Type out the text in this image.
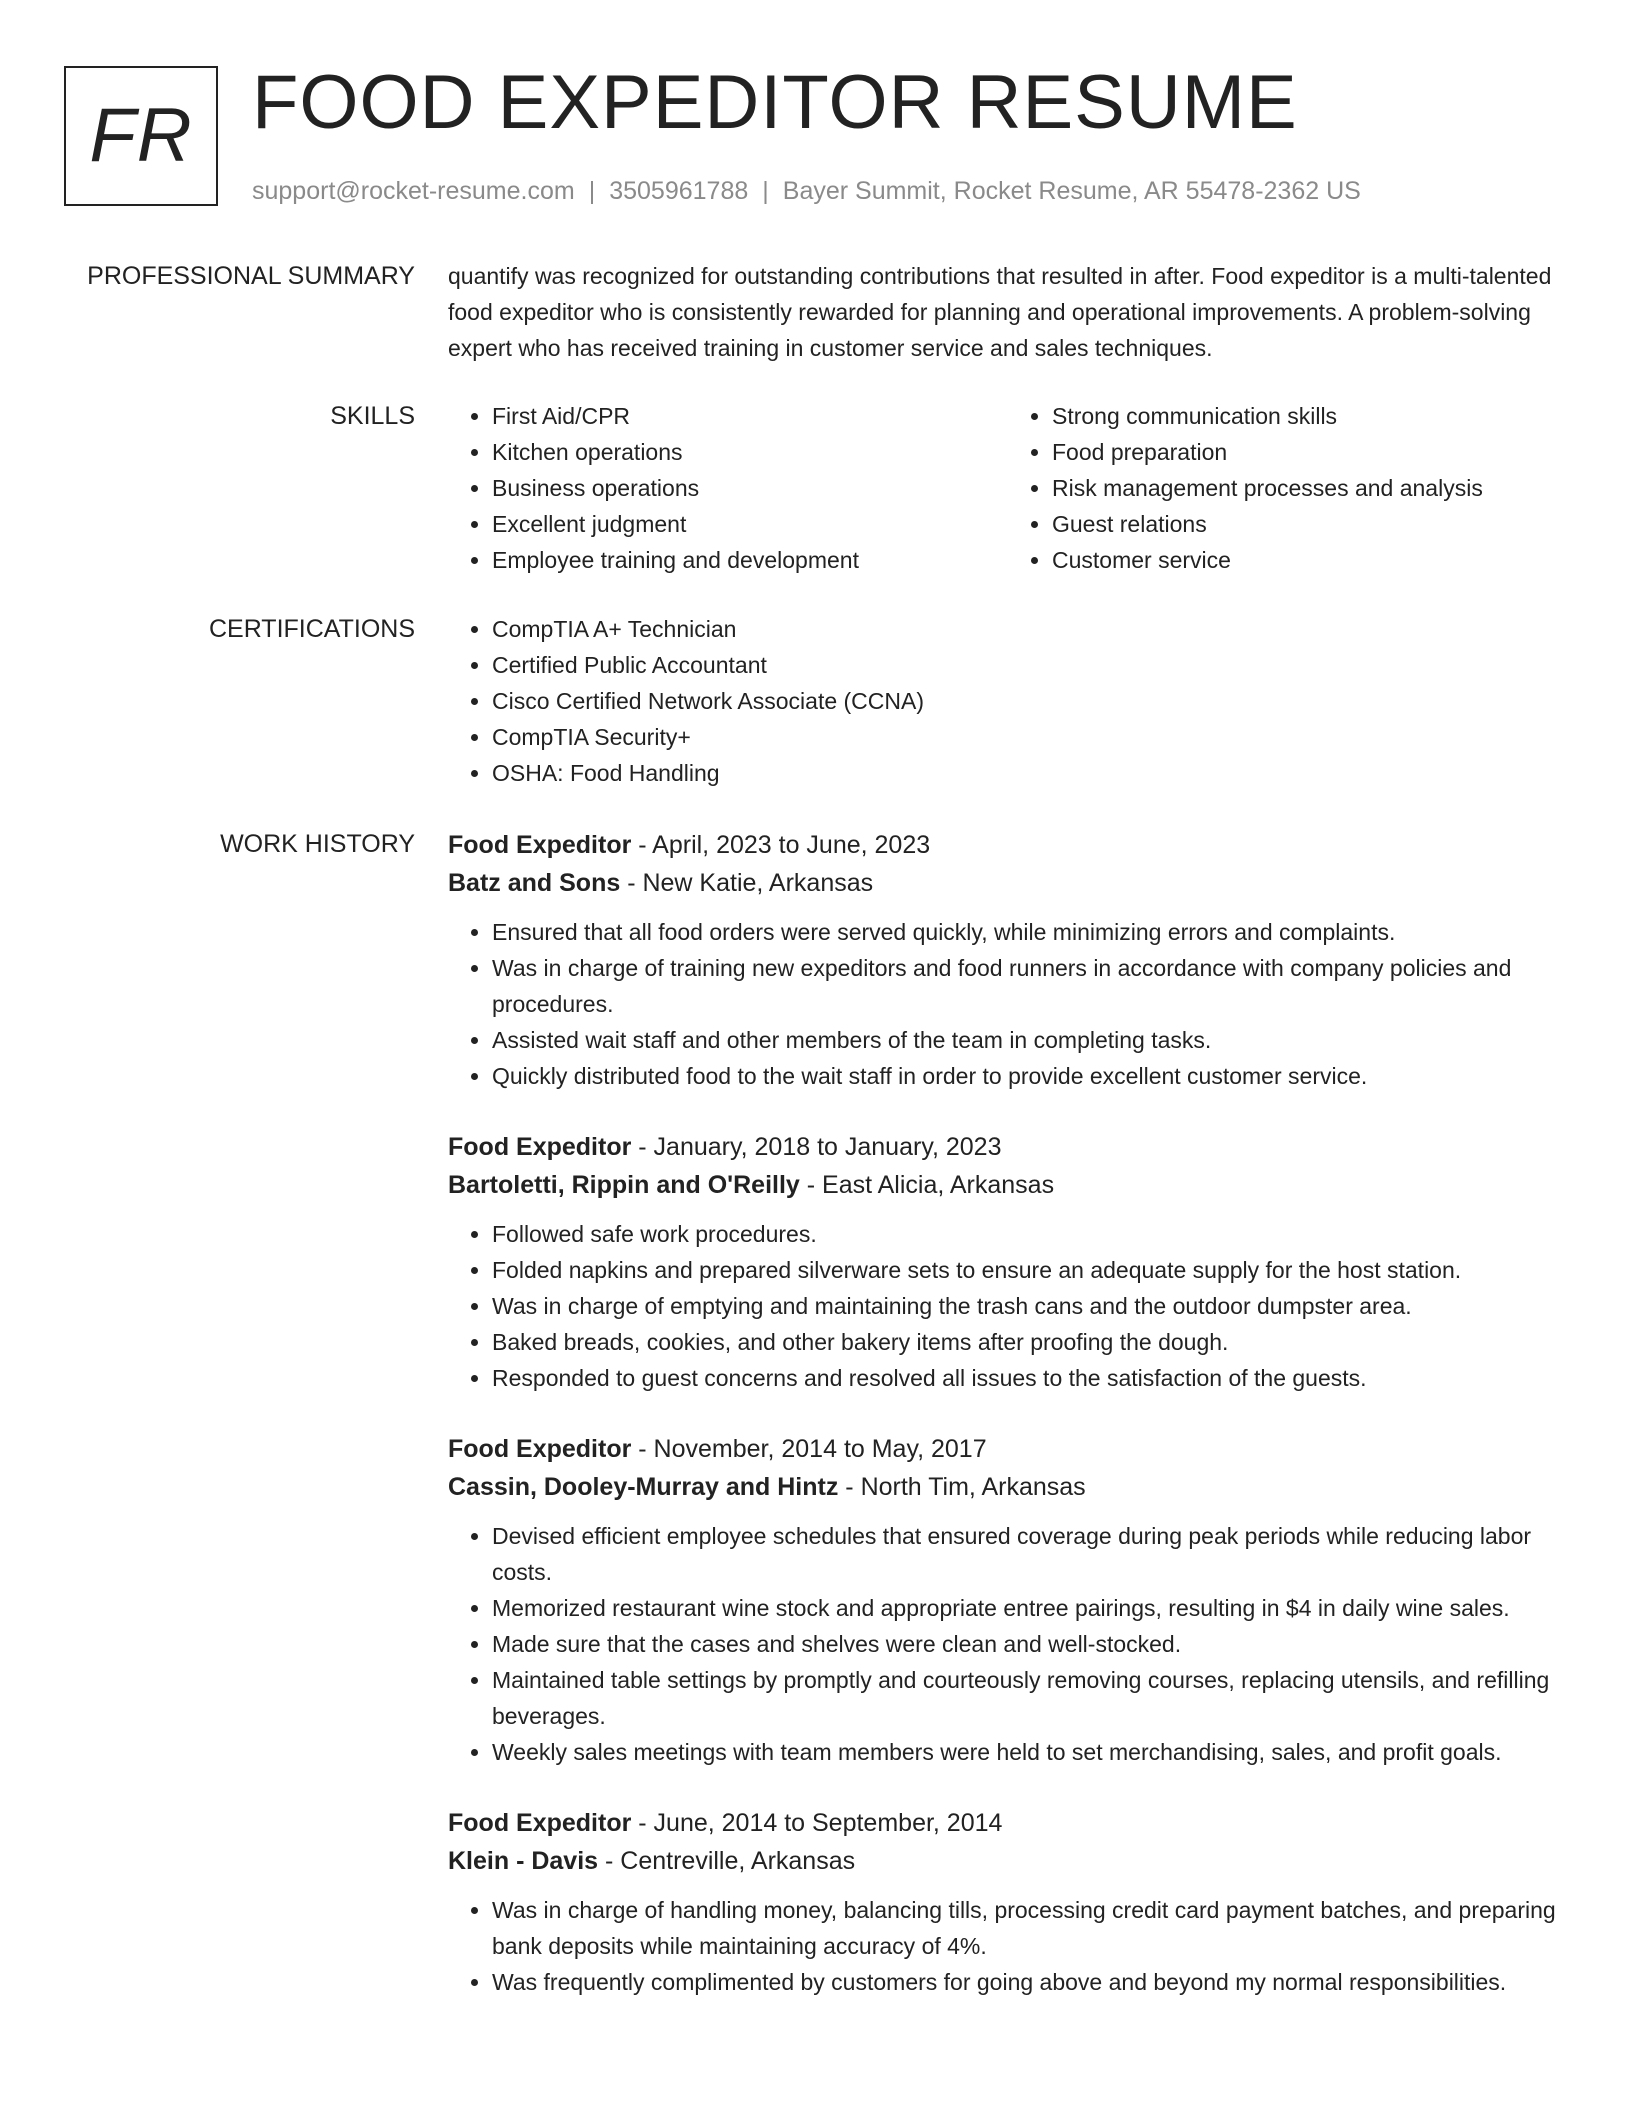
FR FOOD EXPEDITOR RESUME
support@rocket-resume.com | 3505961788 | Bayer Summit, Rocket Resume, AR 55478-2362 US
PROFESSIONAL SUMMARY quantify was recognized for outstanding contributions that resulted in after. Food expeditor is a multi-talented food expeditor who is consistently rewarded for planning and operational improvements. A problem-solving expert who has received training in customer service and sales techniques.

SKILLS	• First Aid/CPR
• Kitchen operations
• Business operations
• Excellent judgment
• Employee training and development
• Strong communication skills
• Food preparation
• Risk management processes and analysis
• Guest relations
• Customer service
CERTIFICATIONS	• CompTIA A+ Technician
• Certified Public Accountant
• Cisco Certified Network Associate (CCNA)
• CompTIA Security+
• OSHA: Food Handling
WORK HISTORY Food Expeditor - April, 2023 to June, 2023
Batz and Sons - New Katie, Arkansas
• Ensured that all food orders were served quickly, while minimizing errors and complaints.
• Was in charge of training new expeditors and food runners in accordance with company policies and procedures.
• Assisted wait staff and other members of the team in completing tasks.
• Quickly distributed food to the wait staff in order to provide excellent customer service.
Food Expeditor - January, 2018 to January, 2023
Bartoletti, Rippin and O'Reilly - East Alicia, Arkansas
• Followed safe work procedures.
• Folded napkins and prepared silverware sets to ensure an adequate supply for the host station.
• Was in charge of emptying and maintaining the trash cans and the outdoor dumpster area.
• Baked breads, cookies, and other bakery items after proofing the dough.
• Responded to guest concerns and resolved all issues to the satisfaction of the guests.
Food Expeditor - November, 2014 to May, 2017
Cassin, Dooley-Murray and Hintz - North Tim, Arkansas
• Devised efficient employee schedules that ensured coverage during peak periods while reducing labor costs.
• Memorized restaurant wine stock and appropriate entree pairings, resulting in $4 in daily wine sales.
• Made sure that the cases and shelves were clean and well-stocked.
• Maintained table settings by promptly and courteously removing courses, replacing utensils, and refilling beverages.
• Weekly sales meetings with team members were held to set merchandising, sales, and profit goals.
Food Expeditor - June, 2014 to September, 2014
Klein - Davis - Centreville, Arkansas
• Was in charge of handling money, balancing tills, processing credit card payment batches, and preparing bank deposits while maintaining accuracy of 4%.
• Was frequently complimented by customers for going above and beyond my normal responsibilities.
